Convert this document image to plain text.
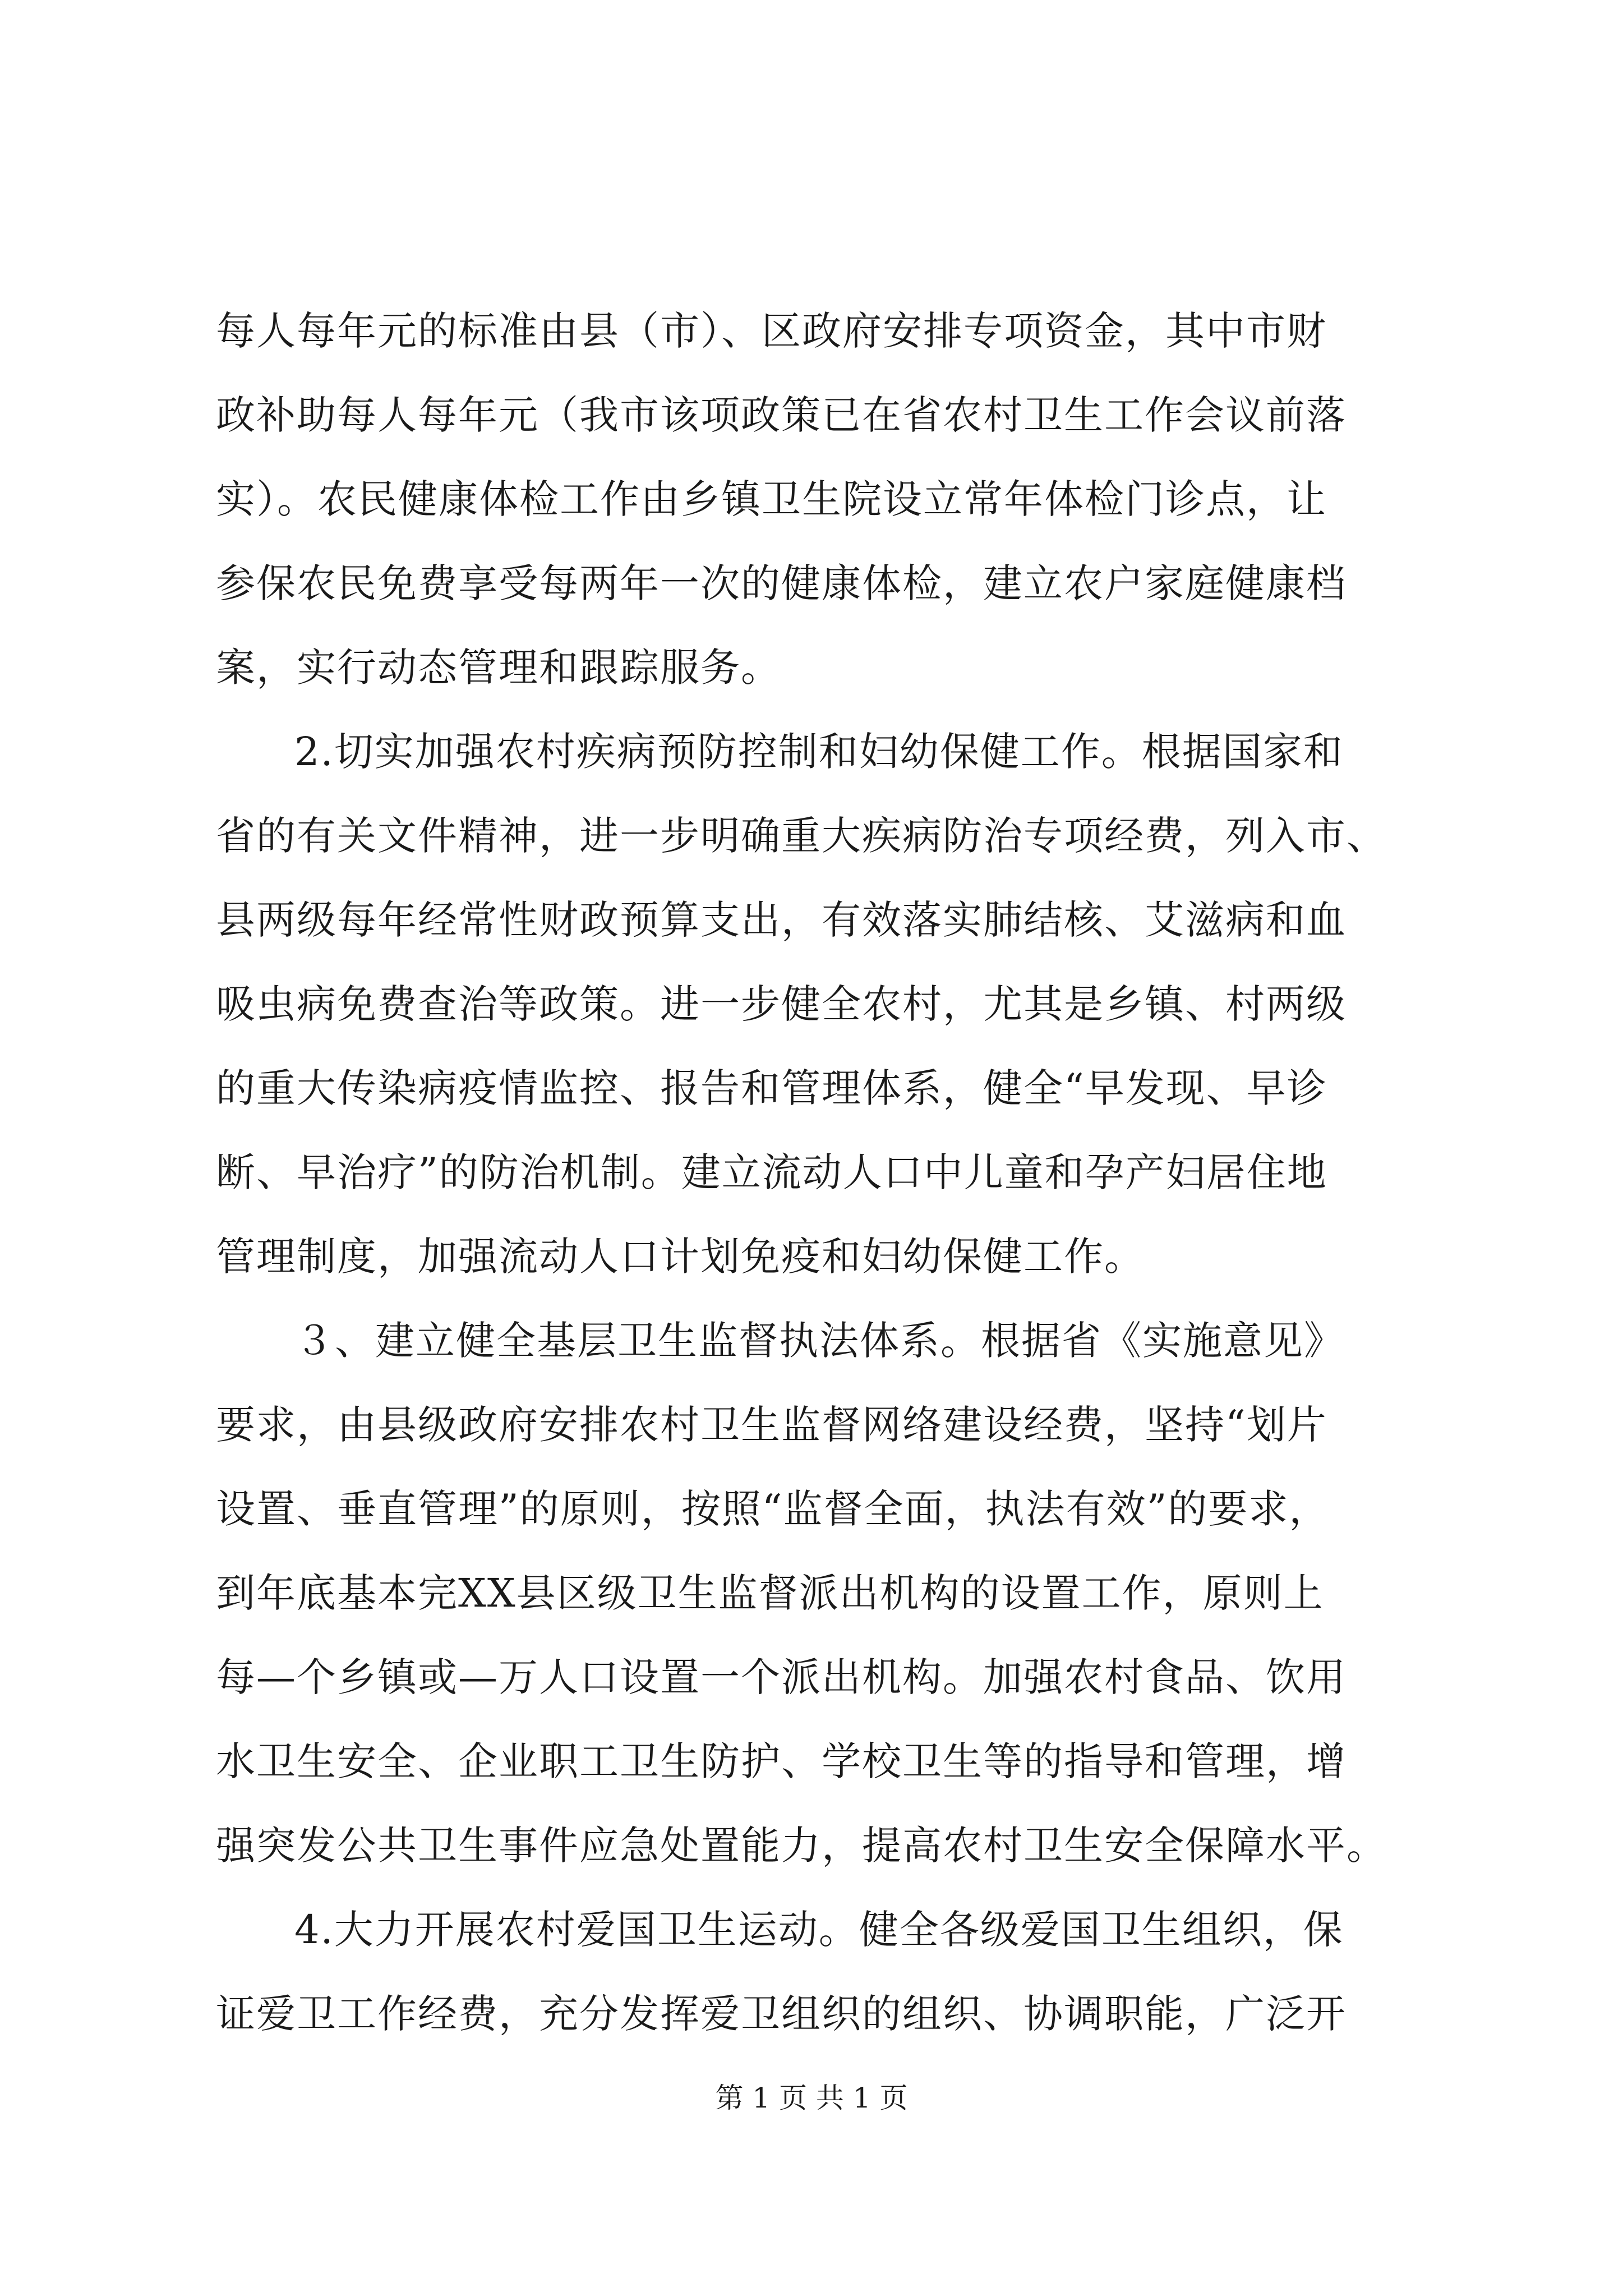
每人每年元的标准由县（市）、区政府安排专项资金，其中市财
政补助每人每年元（我市该项政策已在省农村卫生工作会议前落
实）。农民健康体检工作由乡镇卫生院设立常年体检门诊点，让
参保农民免费享受每两年一次的健康体检，建立农户家庭健康档
案，实行动态管理和跟踪服务。
2.切实加强农村疾病预防控制和妇幼保健工作。根据国家和
省的有关文件精神，进一步明确重大疾病防治专项经费，列入市、
县两级每年经常性财政预算支出，有效落实肺结核、艾滋病和血
吸虫病免费查治等政策。进一步健全农村，尤其是乡镇、村两级
的重大传染病疫情监控、报告和管理体系，健全“早发现、早诊
断、早治疗”的防治机制。建立流动人口中儿童和孕产妇居住地
管理制度，加强流动人口计划免疫和妇幼保健工作。
３、建立健全基层卫生监督执法体系。根据省《实施意见》
要求，由县级政府安排农村卫生监督网络建设经费，坚持“划片
设置、垂直管理”的原则，按照“监督全面，执法有效”的要求，
到年底基本完XX县区级卫生监督派出机构的设置工作，原则上
每—个乡镇或—万人口设置一个派出机构。加强农村食品、饮用
水卫生安全、企业职工卫生防护、学校卫生等的指导和管理，增
强突发公共卫生事件应急处置能力，提高农村卫生安全保障水平。
4.大力开展农村爱国卫生运动。健全各级爱国卫生组织，保
证爱卫工作经费，充分发挥爱卫组织的组织、协调职能，广泛开
第 1 页 共 1 页
